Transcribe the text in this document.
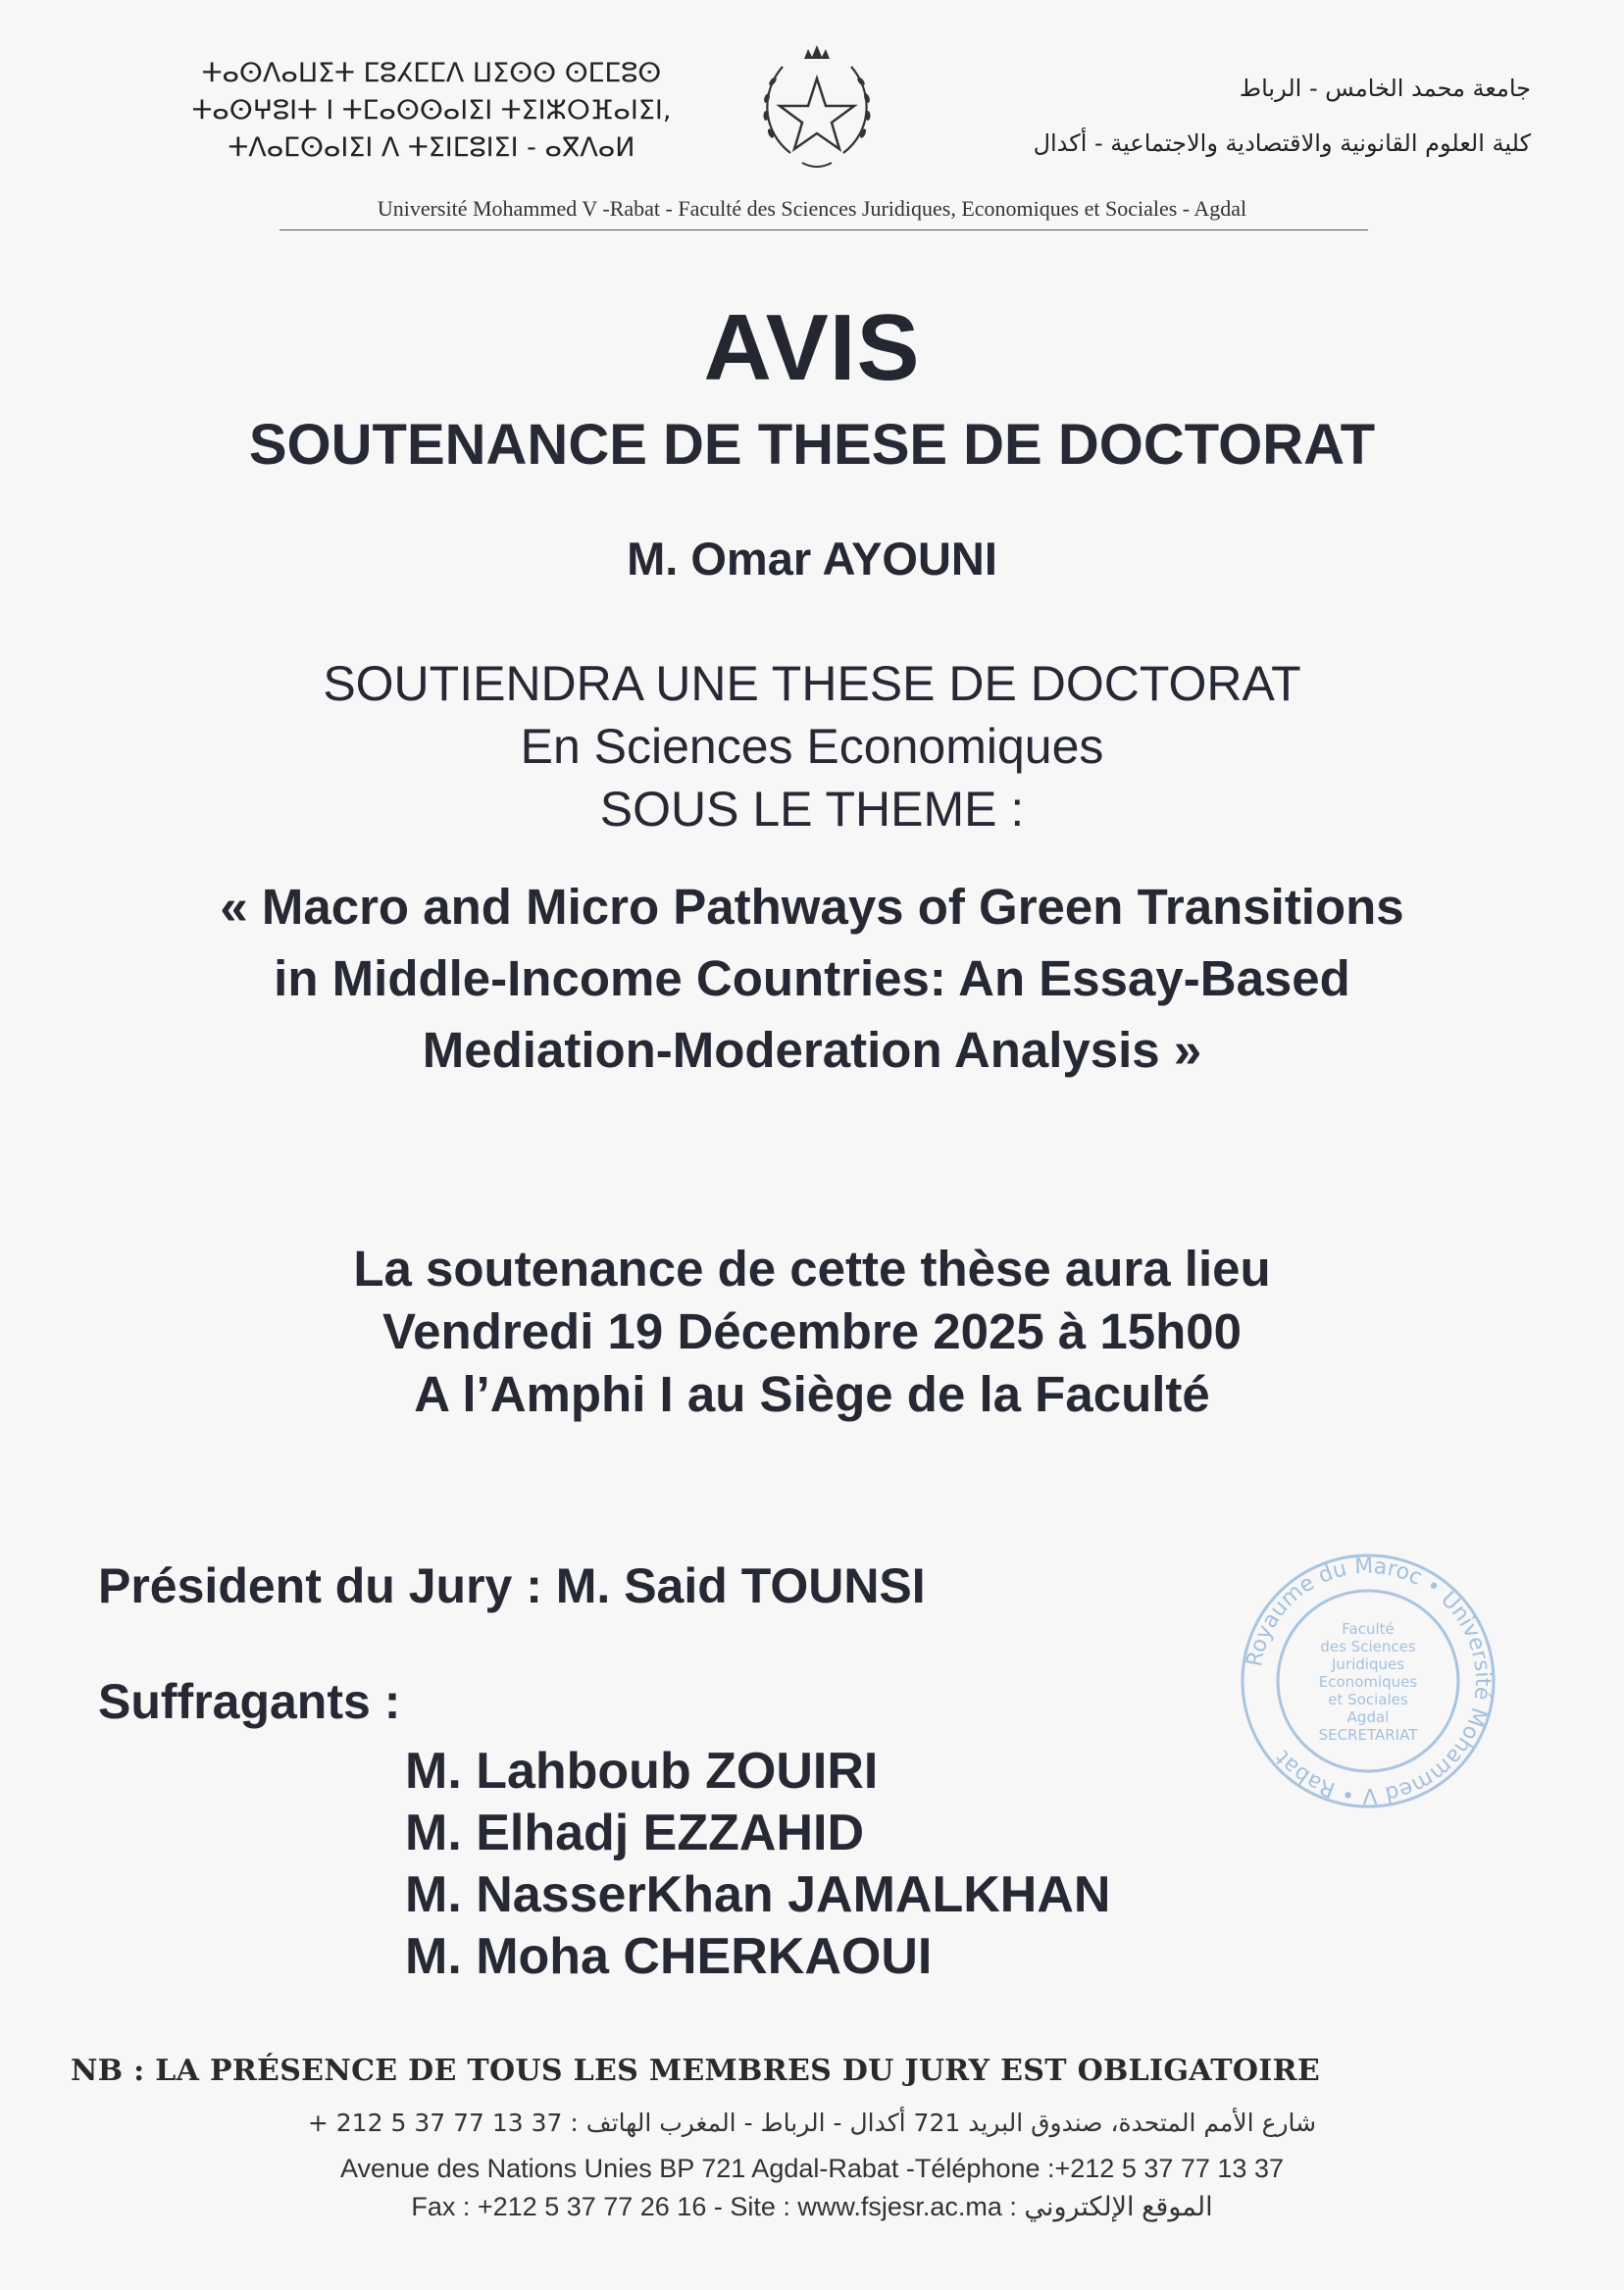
ⵜⴰⵙⴷⴰⵡⵉⵜ ⵎⵓⵃⵎⵎⴷ ⵡⵉⵙⵙ ⵙⵎⵎⵓⵙ
ⵜⴰⵙⵖⵓⵏⵜ ⵏ ⵜⵎⴰⵙⵙⴰⵏⵉⵏ ⵜⵉⵏⵣⵔⴼⴰⵏⵉⵏ,
ⵜⴷⴰⵎⵙⴰⵏⵉⵏ ⴷ ⵜⵉⵏⵎⵓⵏⵉⵏ - ⴰⴳⴷⴰⵍ
جامعة محمد الخامس - الرباط
كلية العلوم القانونية والاقتصادية والاجتماعية - أكدال
Université Mohammed V -Rabat - Faculté des Sciences Juridiques, Economiques et Sociales - Agdal
AVIS
SOUTENANCE DE THESE DE DOCTORAT
M. Omar AYOUNI
SOUTIENDRA UNE THESE DE DOCTORAT
En Sciences Economiques
SOUS LE THEME :
« Macro and Micro Pathways of Green Transitions
in Middle-Income Countries: An Essay-Based
Mediation-Moderation Analysis »
La soutenance de cette thèse aura lieu
Vendredi 19 Décembre 2025 à 15h00
A l’Amphi I au Siège de la Faculté
Président du Jury : M. Said TOUNSI
Suffragants :
M. Lahboub ZOUIRI
M. Elhadj EZZAHID
M. NasserKhan JAMALKHAN
M. Moha CHERKAOUI
Royaume du Maroc • Université Mohammed V • Rabat
Faculté
des Sciences
Juridiques
Economiques
et Sociales
Agdal
SECRETARIAT
NB : LA PRÉSENCE DE TOUS LES MEMBRES DU JURY EST OBLIGATOIRE
شارع الأمم المتحدة، صندوق البريد 721 أكدال - الرباط - المغرب الهاتف : 37 13 77 37 5 212 +
Avenue des Nations Unies BP 721 Agdal-Rabat -Téléphone :+212 5 37 77 13 37
Fax : +212 5 37 77 26 16 - Site : www.fsjesr.ac.ma : الموقع الإلكتروني
